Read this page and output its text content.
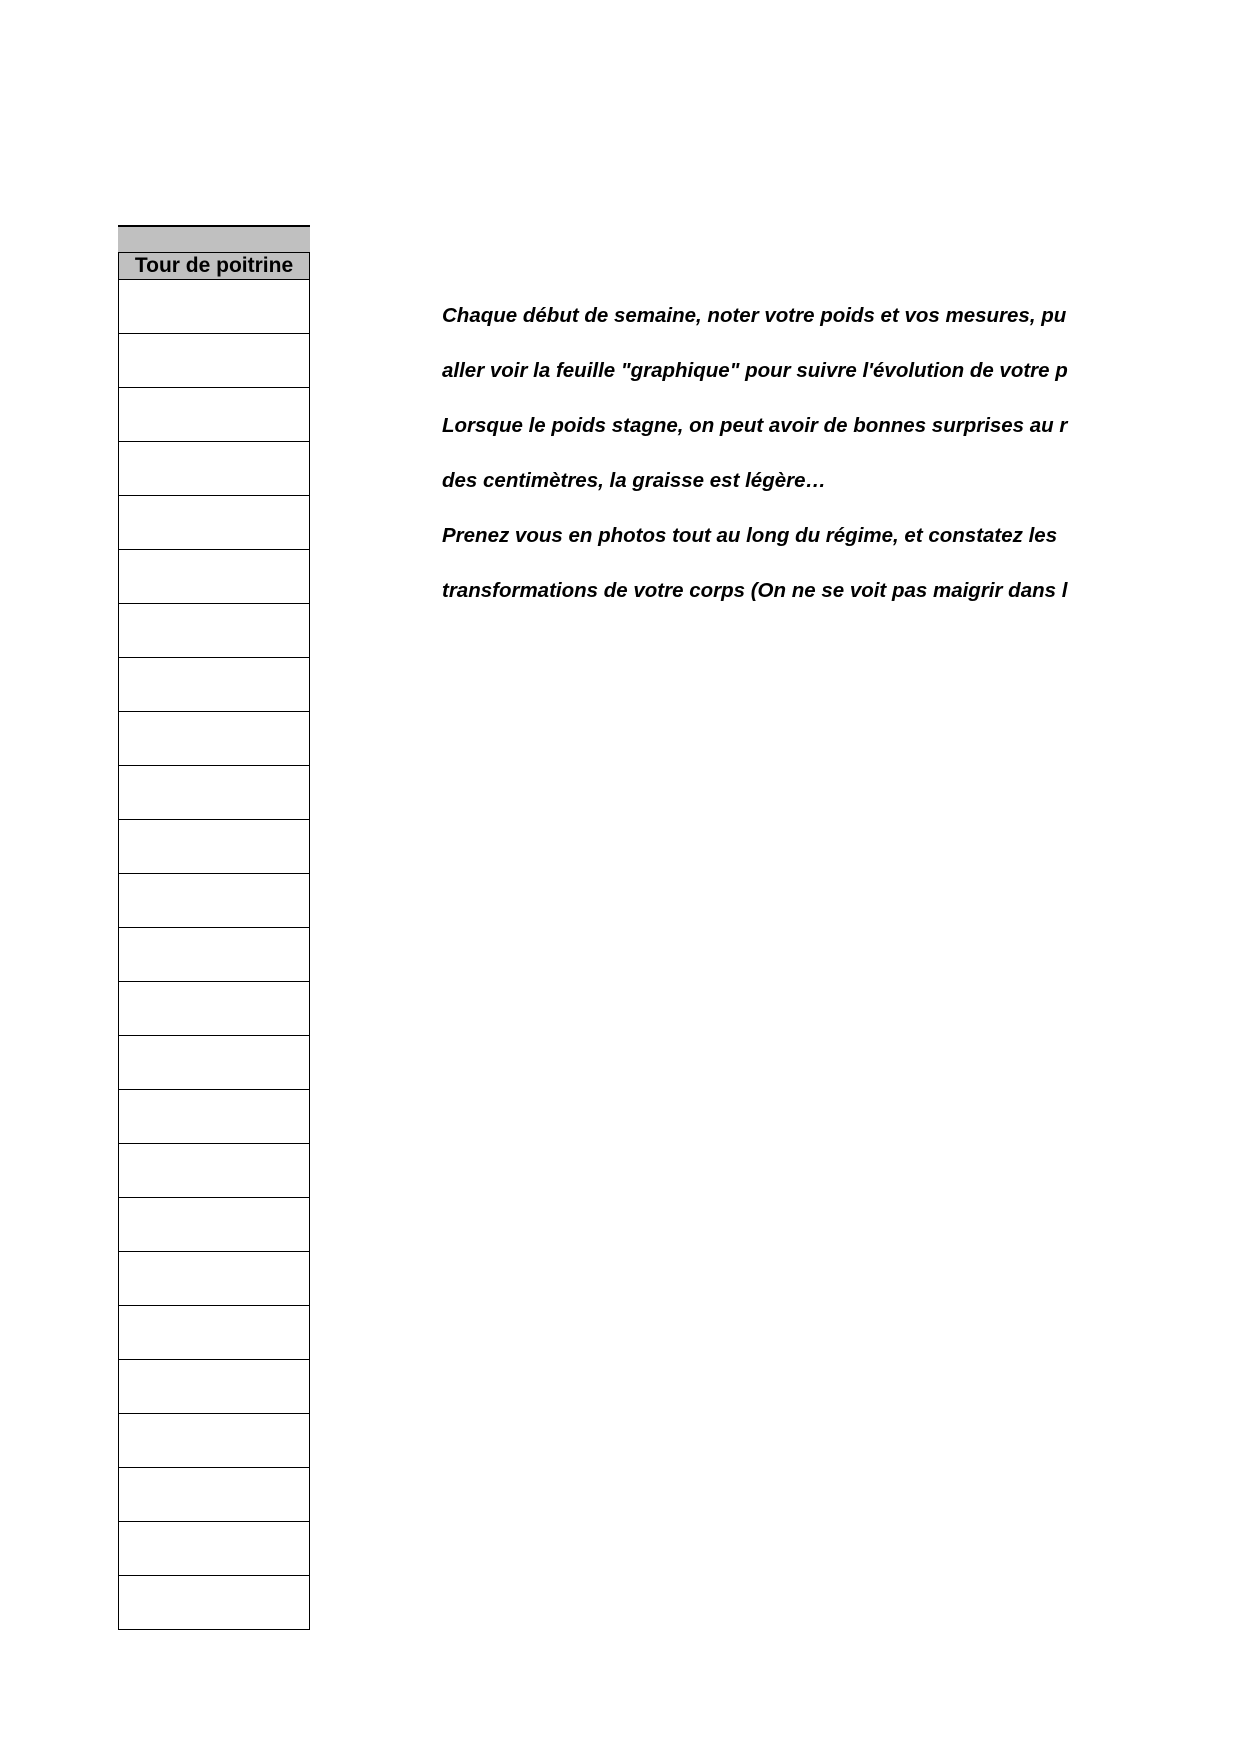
Tour de poitrine

Chaque début de semaine, noter votre poids et vos mesures, pu
aller voir la feuille "graphique" pour suivre l'évolution de votre p
Lorsque le poids stagne, on peut avoir de bonnes surprises au r
des centimètres, la graisse est légère…
Prenez vous en photos tout au long du régime, et constatez les
transformations de votre corps (On ne se voit pas maigrir dans l
